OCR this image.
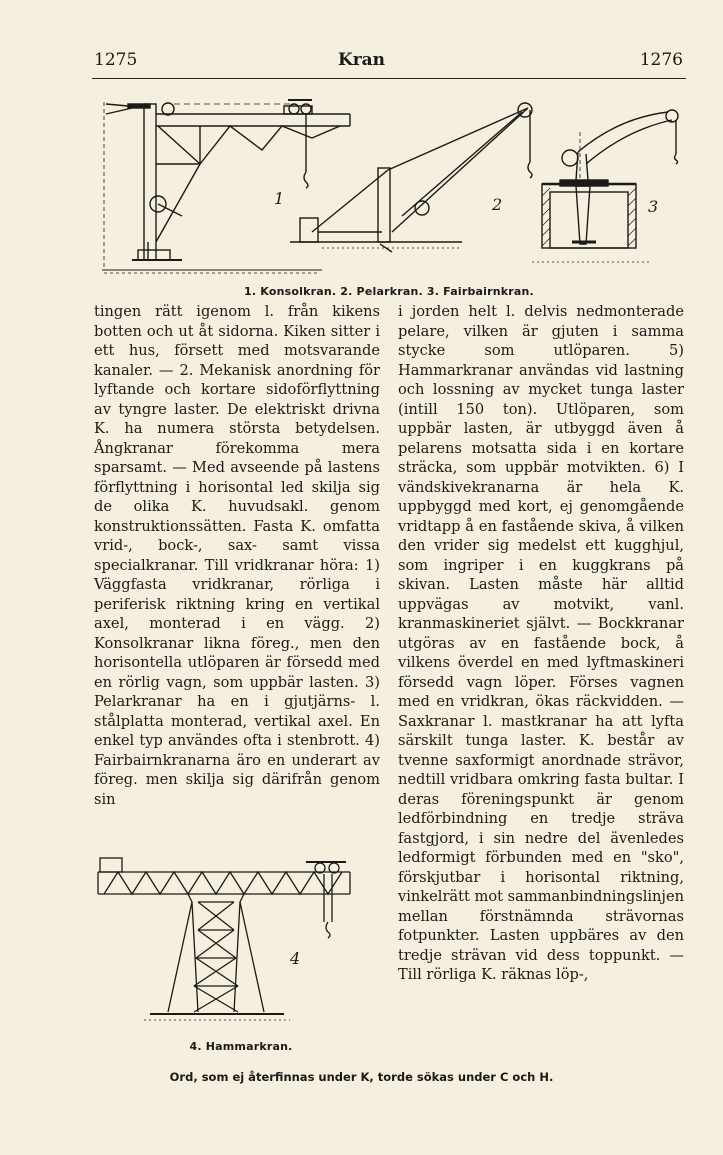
1275	Kran	1276
1	2	3
1. Konsolkran. 2. Pelarkran. 3. Fairbairnkran.

tingen rätt igenom l. från kikens botten och ut åt sidorna. Kiken sitter i ett hus, försett med motsvarande kanaler. — 2. Mekanisk anordning för lyftande och kortare sidoförflyttning av tyngre laster. De elektriskt drivna K. ha numera största betydelsen. Ångkranar förekomma mera sparsamt. — Med avseende på lastens förflyttning i horisontal led skilja sig de olika K. huvudsakl. genom konstruktionssätten. Fasta K. omfatta vrid-, bock-, sax- samt vissa specialkranar. Till vridkranar höra: 1) Väggfasta vridkranar, rörliga i periferisk riktning kring en vertikal axel, monterad i en vägg. 2) Konsolkranar likna föreg., men den horisontella utlöparen är försedd med en rörlig vagn, som uppbär lasten. 3) Pelarkranar ha en i gjutjärns- l. stålplatta monterad, vertikal axel. En enkel typ användes ofta i stenbrott. 4) Fairbairnkranarna äro en underart av föreg. men skilja sig därifrån genom sin

4
4. Hammarkran.

i jorden helt l. delvis nedmonterade pelare, vilken är gjuten i samma stycke som utlöparen. 5) Hammarkranar användas vid lastning och lossning av mycket tunga laster (intill 150 ton). Utlöparen, som uppbär lasten, är utbyggd även å pelarens motsatta sida i en kortare sträcka, som uppbär motvikten. 6) I vändskivekranarna är hela K. uppbyggd med kort, ej genomgående vridtapp å en fastående skiva, å vilken den vrider sig medelst ett kugghjul, som ingriper i en kuggkrans på skivan. Lasten måste här alltid uppvägas av motvikt, vanl. kranmaskineriet självt. — Bockkranar utgöras av en fastående bock, å vilkens överdel en med lyftmaskineri försedd vagn löper. Förses vagnen med en vridkran, ökas räckvidden. — Saxkranar l. mastkranar ha att lyfta särskilt tunga laster. K. består av tvenne saxformigt anordnade strävor, nedtill vridbara omkring fasta bultar. I deras föreningspunkt är genom ledförbindning en tredje sträva fastgjord, i sin nedre del ävenledes ledformigt förbunden med en "sko", förskjutbar i horisontal riktning, vinkelrätt mot sammanbindningslinjen mellan förstnämnda strävornas fotpunkter. Lasten uppbäres av den tredje strävan vid dess toppunkt. — Till rörliga K. räknas löp-,

Ord, som ej återfinnas under K, torde sökas under C och H.
